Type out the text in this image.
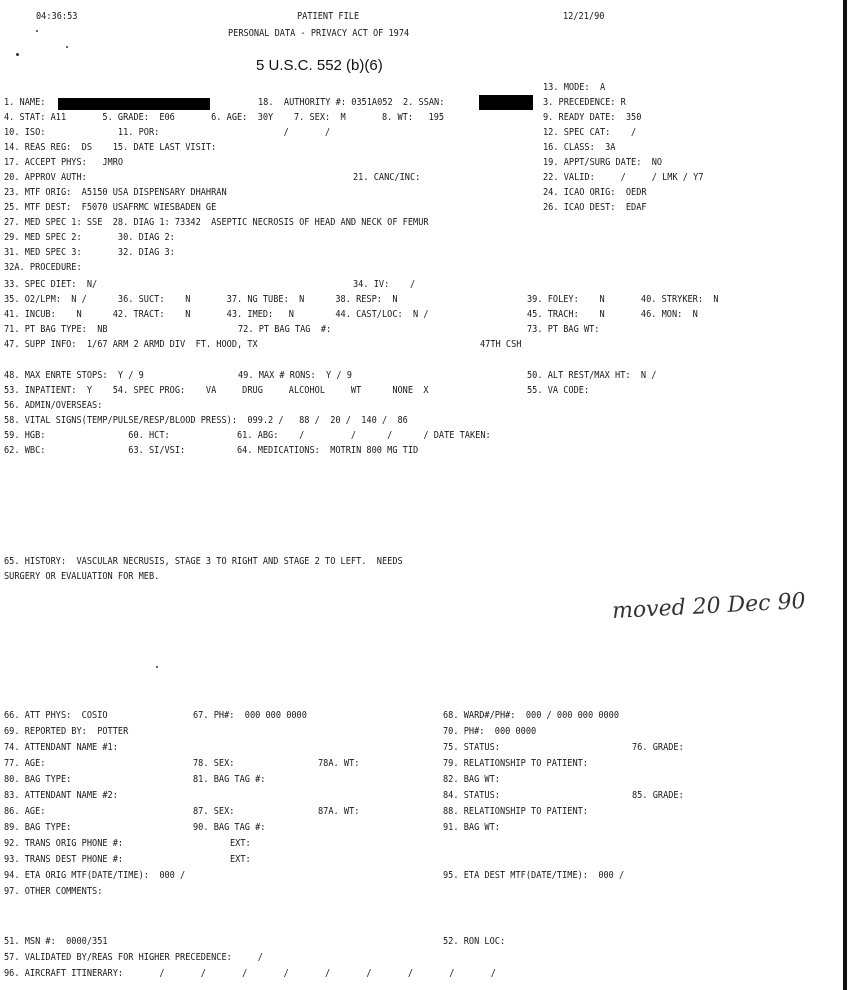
04:36:53	PATIENT FILE	12/21/90
PERSONAL DATA - PRIVACY ACT OF 1974
5 U.S.C. 552 (b)(6)
13. MODE:  A
1. NAME:	18.  AUTHORITY #: 0351A052  2. SSAN:	3. PRECEDENCE: R
4. STAT: A11       5. GRADE:  E06       6. AGE:  30Y    7. SEX:  M       8. WT:   195	9. READY DATE:  350
10. ISO:              11. POR:                        /       /	12. SPEC CAT:    /
14. REAS REG:  DS    15. DATE LAST VISIT:	16. CLASS:  3A
17. ACCEPT PHYS:   JMRO	19. APPT/SURG DATE:  NO
20. APPROV AUTH:	21. CANC/INC:	22. VALID:     /     / LMK / Y7
23. MTF ORIG:  A5150 USA DISPENSARY DHAHRAN	24. ICAO ORIG:  OEDR
25. MTF DEST:  F5070 USAFRMC WIESBADEN GE	26. ICAO DEST:  EDAF
27. MED SPEC 1: SSE  28. DIAG 1: 73342  ASEPTIC NECROSIS OF HEAD AND NECK OF FEMUR
29. MED SPEC 2:       30. DIAG 2:
31. MED SPEC 3:       32. DIAG 3:
32A. PROCEDURE:
33. SPEC DIET:  N/	34. IV:    /
35. O2/LPM:  N /      36. SUCT:    N       37. NG TUBE:  N      38. RESP:  N	39. FOLEY:    N       40. STRYKER:  N
41. INCUB:    N      42. TRACT:    N       43. IMED:   N        44. CAST/LOC:  N /	45. TRACH:    N       46. MON:  N
71. PT BAG TYPE:  NB	72. PT BAG TAG  #:	73. PT BAG WT:
47. SUPP INFO:  1/67 ARM 2 ARMD DIV  FT. HOOD, TX	47TH CSH
48. MAX ENRTE STOPS:  Y / 9	49. MAX # RONS:  Y / 9	50. ALT REST/MAX HT:  N /
53. INPATIENT:  Y    54. SPEC PROG:    VA     DRUG     ALCOHOL     WT      NONE  X	55. VA CODE:
56. ADMIN/OVERSEAS:
58. VITAL SIGNS(TEMP/PULSE/RESP/BLOOD PRESS):  099.2 /   88 /  20 /  140 /  86
59. HGB:                60. HCT:             61. ABG:    /         /      /      / DATE TAKEN:
62. WBC:                63. SI/VSI:          64. MEDICATIONS:  MOTRIN 800 MG TID
65. HISTORY:  VASCULAR NECRUSIS, STAGE 3 TO RIGHT AND STAGE 2 TO LEFT.  NEEDS
SURGERY OR EVALUATION FOR MEB.
66. ATT PHYS:  COSIO	67. PH#:  000 000 0000	68. WARD#/PH#:  000 / 000 000 0000
69. REPORTED BY:  POTTER	70. PH#:  000 0000
74. ATTENDANT NAME #1:	75. STATUS:	76. GRADE:
77. AGE:	78. SEX:	78A. WT:	79. RELATIONSHIP TO PATIENT:
80. BAG TYPE:	81. BAG TAG #:	82. BAG WT:
83. ATTENDANT NAME #2:	84. STATUS:	85. GRADE:
86. AGE:	87. SEX:	87A. WT:	88. RELATIONSHIP TO PATIENT:
89. BAG TYPE:	90. BAG TAG #:	91. BAG WT:
92. TRANS ORIG PHONE #:	EXT:
93. TRANS DEST PHONE #:	EXT:
94. ETA ORIG MTF(DATE/TIME):  000 /	95. ETA DEST MTF(DATE/TIME):  000 /
97. OTHER COMMENTS:
51. MSN #:  0000/351	52. RON LOC:
57. VALIDATED BY/REAS FOR HIGHER PRECEDENCE:     /
96. AIRCRAFT ITINERARY:       /       /       /       /       /       /       /       /       /
moved 20 Dec 90
